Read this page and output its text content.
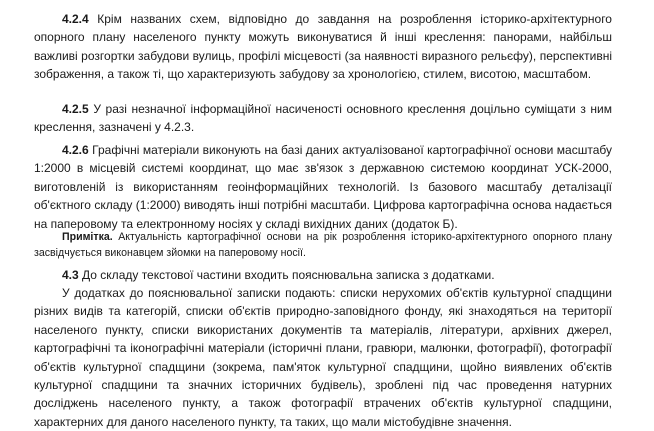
4.2.4 Крім названих схем, відповідно до завдання на розроблення історико-архітектурного опорного плану населеного пункту можуть виконуватися й інші креслення: панорами, найбільш важливі розгортки забудови вулиць, профілі місцевості (за наявності виразного рельєфу), перспективні зображення, а також ті, що характеризують забудову за хронологією, стилем, висотою, масштабом.

4.2.5 У разі незначної інформаційної насиченості основного креслення доцільно суміщати з ним креслення, зазначені у 4.2.3.

4.2.6 Графічні матеріали виконують на базі даних актуалізованої картографічної основи масштабу 1:2000 в місцевій системі координат, що має зв'язок з державною системою координат УСК-2000, виготовленій із використанням геоінформаційних технологій. Із базового масштабу деталізації об'єктного складу (1:2000) виводять інші потрібні масштаби. Цифрова картографічна основа надається на паперовому та електронному носіях у складі вихідних даних (додаток Б).

Примітка. Актуальність картографічної основи на рік розроблення історико-архітектурного опорного плану засвідчується виконавцем зйомки на паперовому носії.

4.3 До складу текстової частини входить пояснювальна записка з додатками.

У додатках до пояснювальної записки подають: списки нерухомих об'єктів культурної спадщини різних видів та категорій, списки об'єктів природно-заповідного фонду, які знаходяться на території населеного пункту, списки використаних документів та матеріалів, літератури, архівних джерел, картографічні та іконографічні матеріали (історичні плани, гравюри, малюнки, фотографії), фотографії об'єктів культурної спадщини (зокрема, пам'яток культурної спадщини, щойно виявлених об'єктів культурної спадщини та значних історичних будівель), зроблені під час проведення натурних досліджень населеного пункту, а також фотографії втрачених об'єктів культурної спадщини, характерних для даного населеного пункту, та таких, що мали містобудівне значення.
